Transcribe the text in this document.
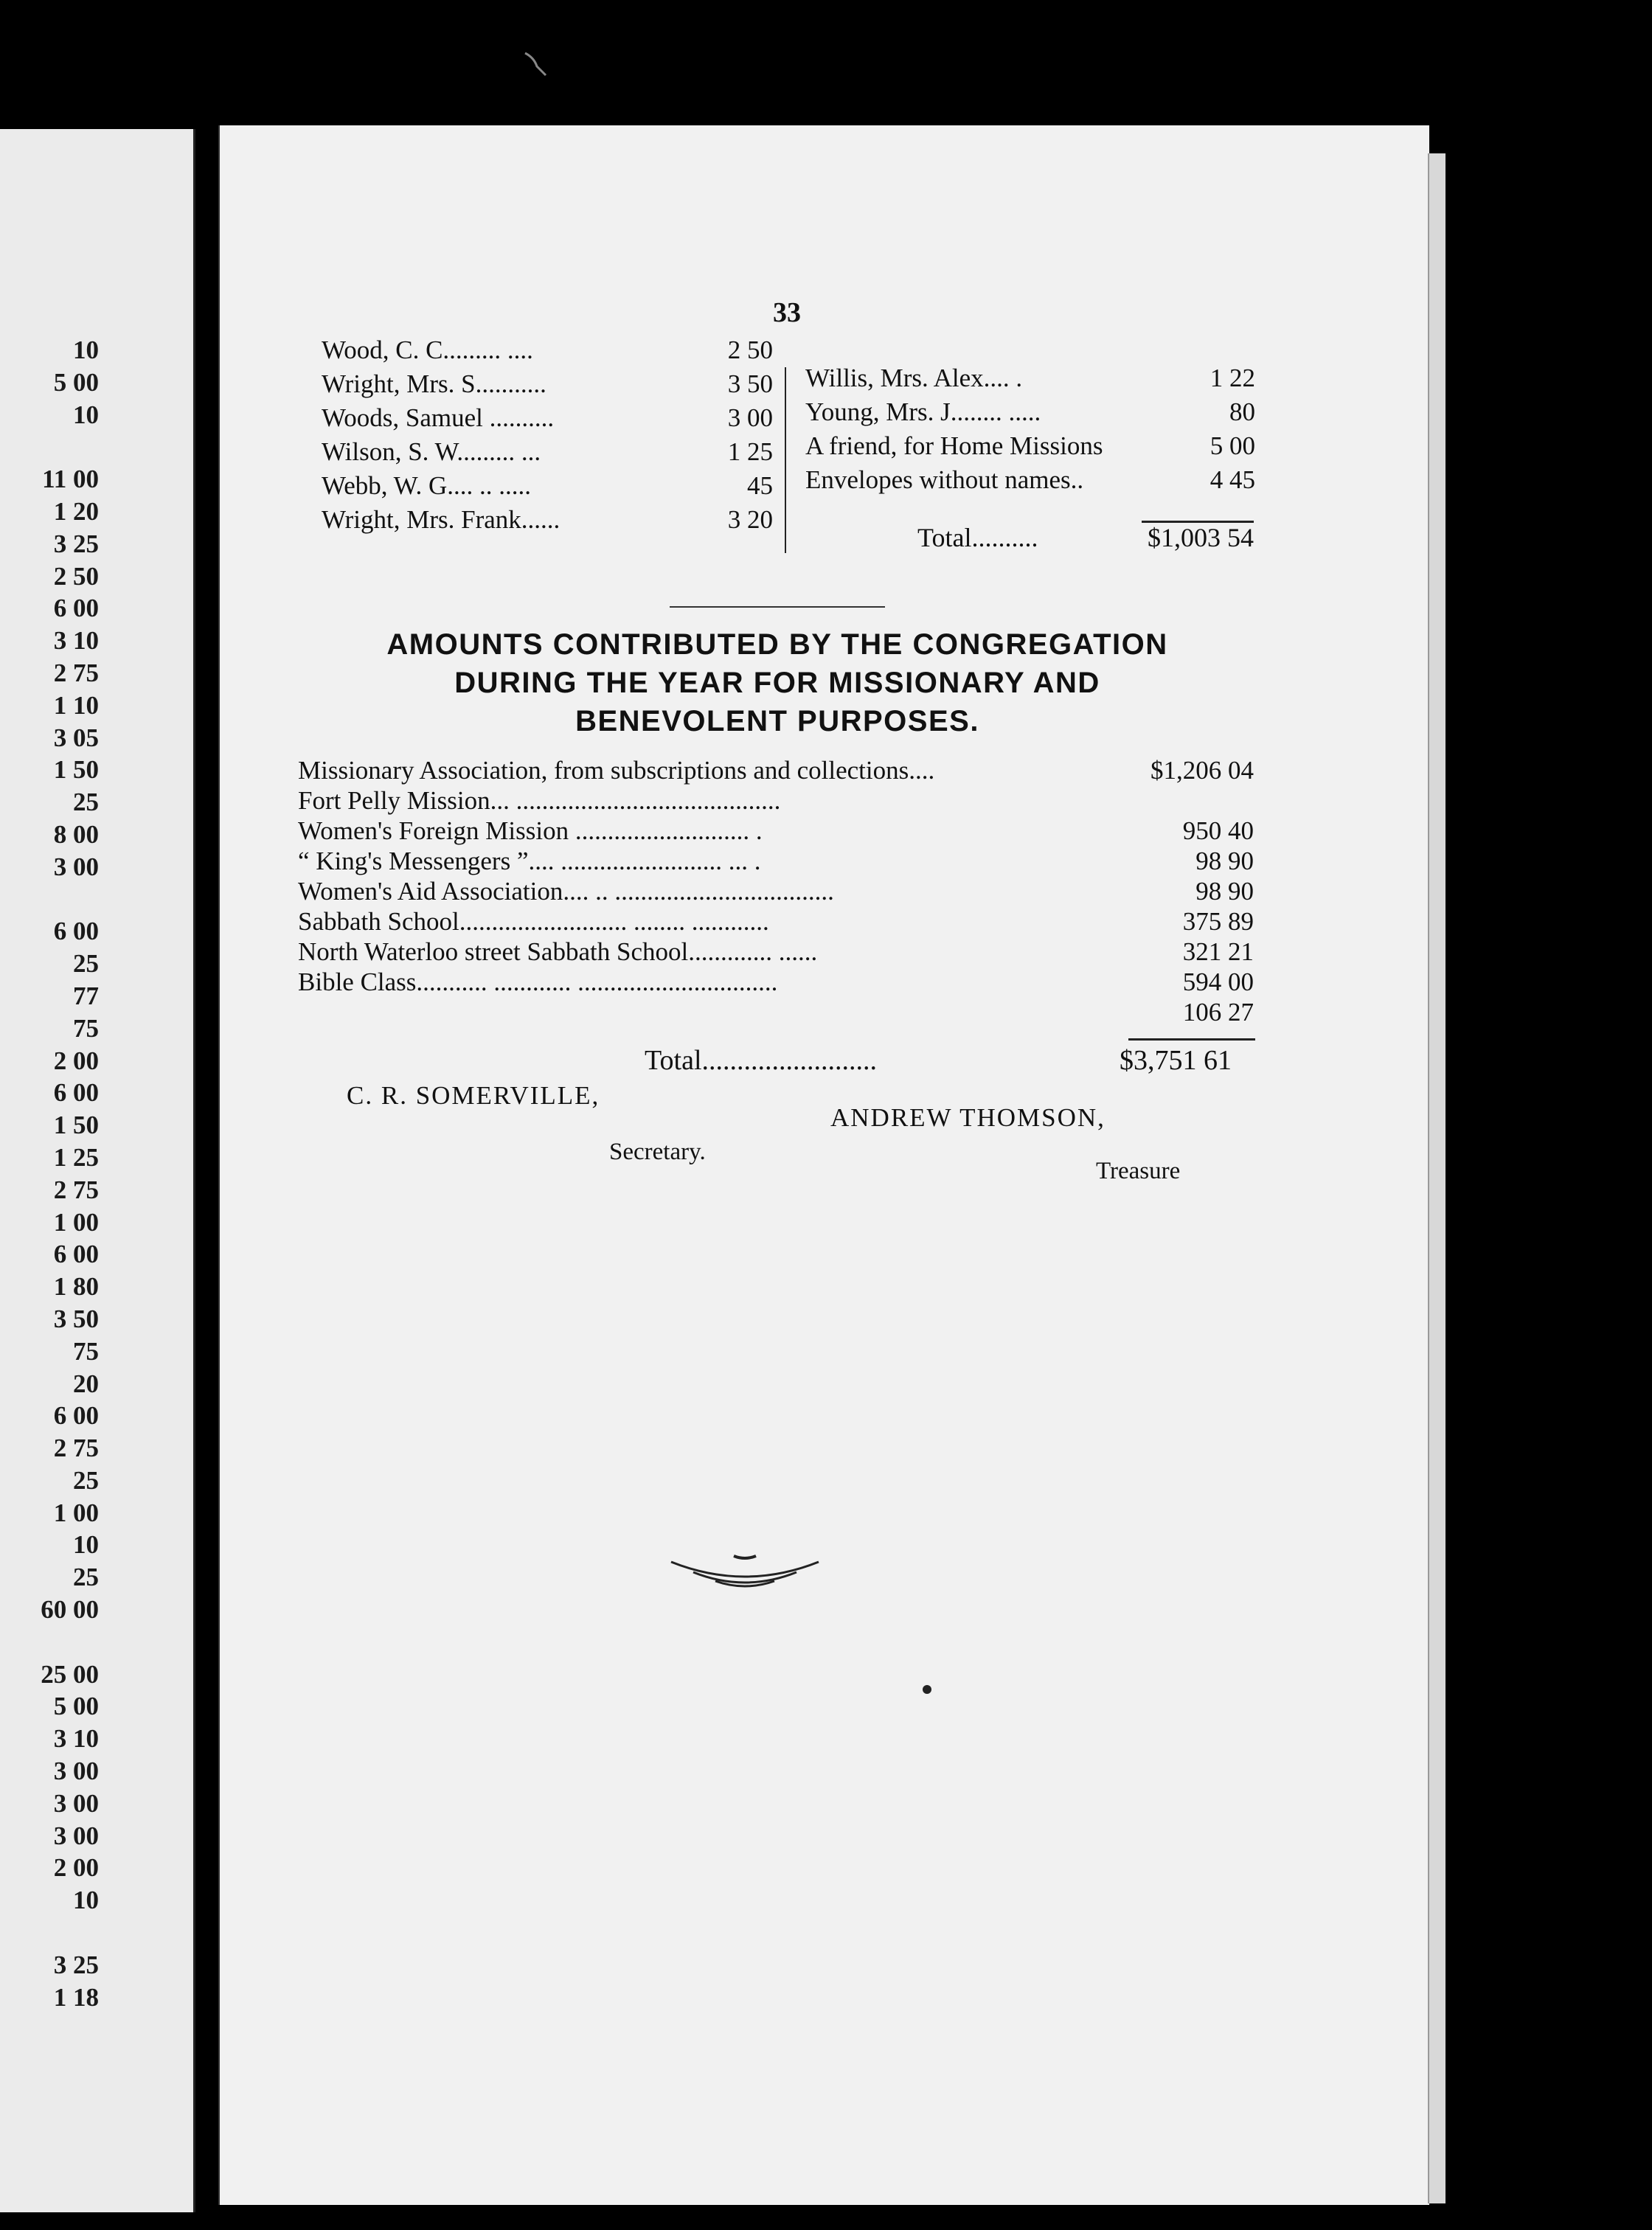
10
5 00
10
11 00
1 20
3 25
2 50
6 00
3 10
2 75
1 10
3 05
1 50
25
8 00
3 00
6 00
25
77
75
2 00
6 00
1 50
1 25
2 75
1 00
6 00
1 80
3 50
75
20
6 00
2 75
25
1 00
10
25
60 00
25 00
5 00
3 10
3 00
3 00
3 00
2 00
10
3 25
1 18
33
Wood, C. C......... ....	2 50
Wright, Mrs. S...........	3 50
Woods, Samuel ..........	3 00
Wilson, S. W......... ...	1 25
Webb, W. G.... .. .....	45
Wright, Mrs. Frank......	3 20
Willis, Mrs. Alex.... .	1 22
Young, Mrs. J........ .....	80
A friend, for Home Missions	5 00
Envelopes without names..	4 45
Total..........	$1,003 54
AMOUNTS CONTRIBUTED BY THE CONGREGATION
DURING THE YEAR FOR MISSIONARY AND
BENEVOLENT PURPOSES.
Missionary Association, from subscriptions and collections....	$1,206 04
Fort Pelly Mission... .........................................
Women's Foreign Mission ........................... .	950 40
“ King's Messengers ”.... ......................... ... .	98 90
Women's Aid Association.... .. ..................................	98 90
Sabbath School.......................... ........ ............	375 89
North Waterloo street Sabbath School............. ......	321 21
Bible Class........... ............ ...............................	594 00
106 27
Total.........................	$3,751 61
C. R. SOMERVILLE,
ANDREW THOMSON,
Secretary.
Treasure
